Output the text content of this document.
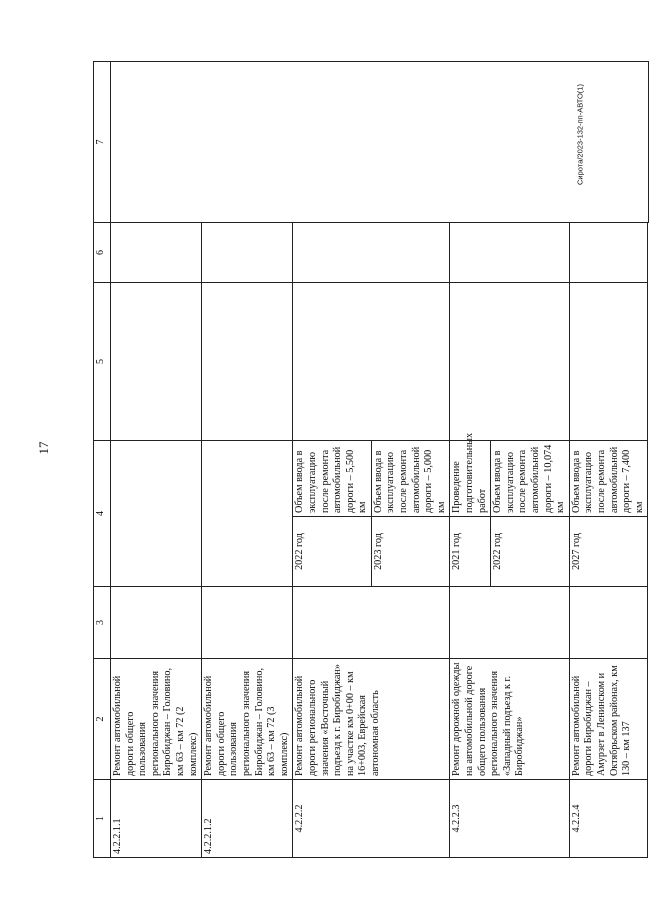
17
Сирота/2023-132-пп-АВТО(1)
1	2	3	4		5	6	7
4.2.2.1.1	Ремонт автомобильной дороги общего пользования регионального значения Биробиджан – Головино, км 63 – км 72 (2 комплекс)						
4.2.2.1.2	Ремонт автомобильной дороги общего пользования регионального значения Биробиджан – Головино, км 63 – км 72 (3 комплекс)						
4.2.2.2	Ремонт автомобильной дороги регионального значения «Восточный подъезд к г. Биробиджан» на участке км 0+00 – км 16+003, Еврейская автономная область		2022 год	Объем ввода в эксплуатацию после ремонта автомобильной дороги – 5,500 км			
			2023 год	Объем ввода в эксплуатацию после ремонта автомобильной дороги – 5,000 км			
4.2.2.3	Ремонт дорожной одежды на автомобильной дороге общего пользования регионального значения «Западный подъезд к г. Биробиджан»		2021 год	Проведение подготовительных работ			
			2022 год	Объем ввода в эксплуатацию после ремонта автомобильной дороги – 10,074 км			
4.2.2.4	Ремонт автомобильной дороги Биробиджан – Амурзет в Ленинском и Октябрьском районах, км 130 – км 137		2027 год	Объем ввода в эксплуатацию после ремонта автомобильной дороги – 7,400 км			
